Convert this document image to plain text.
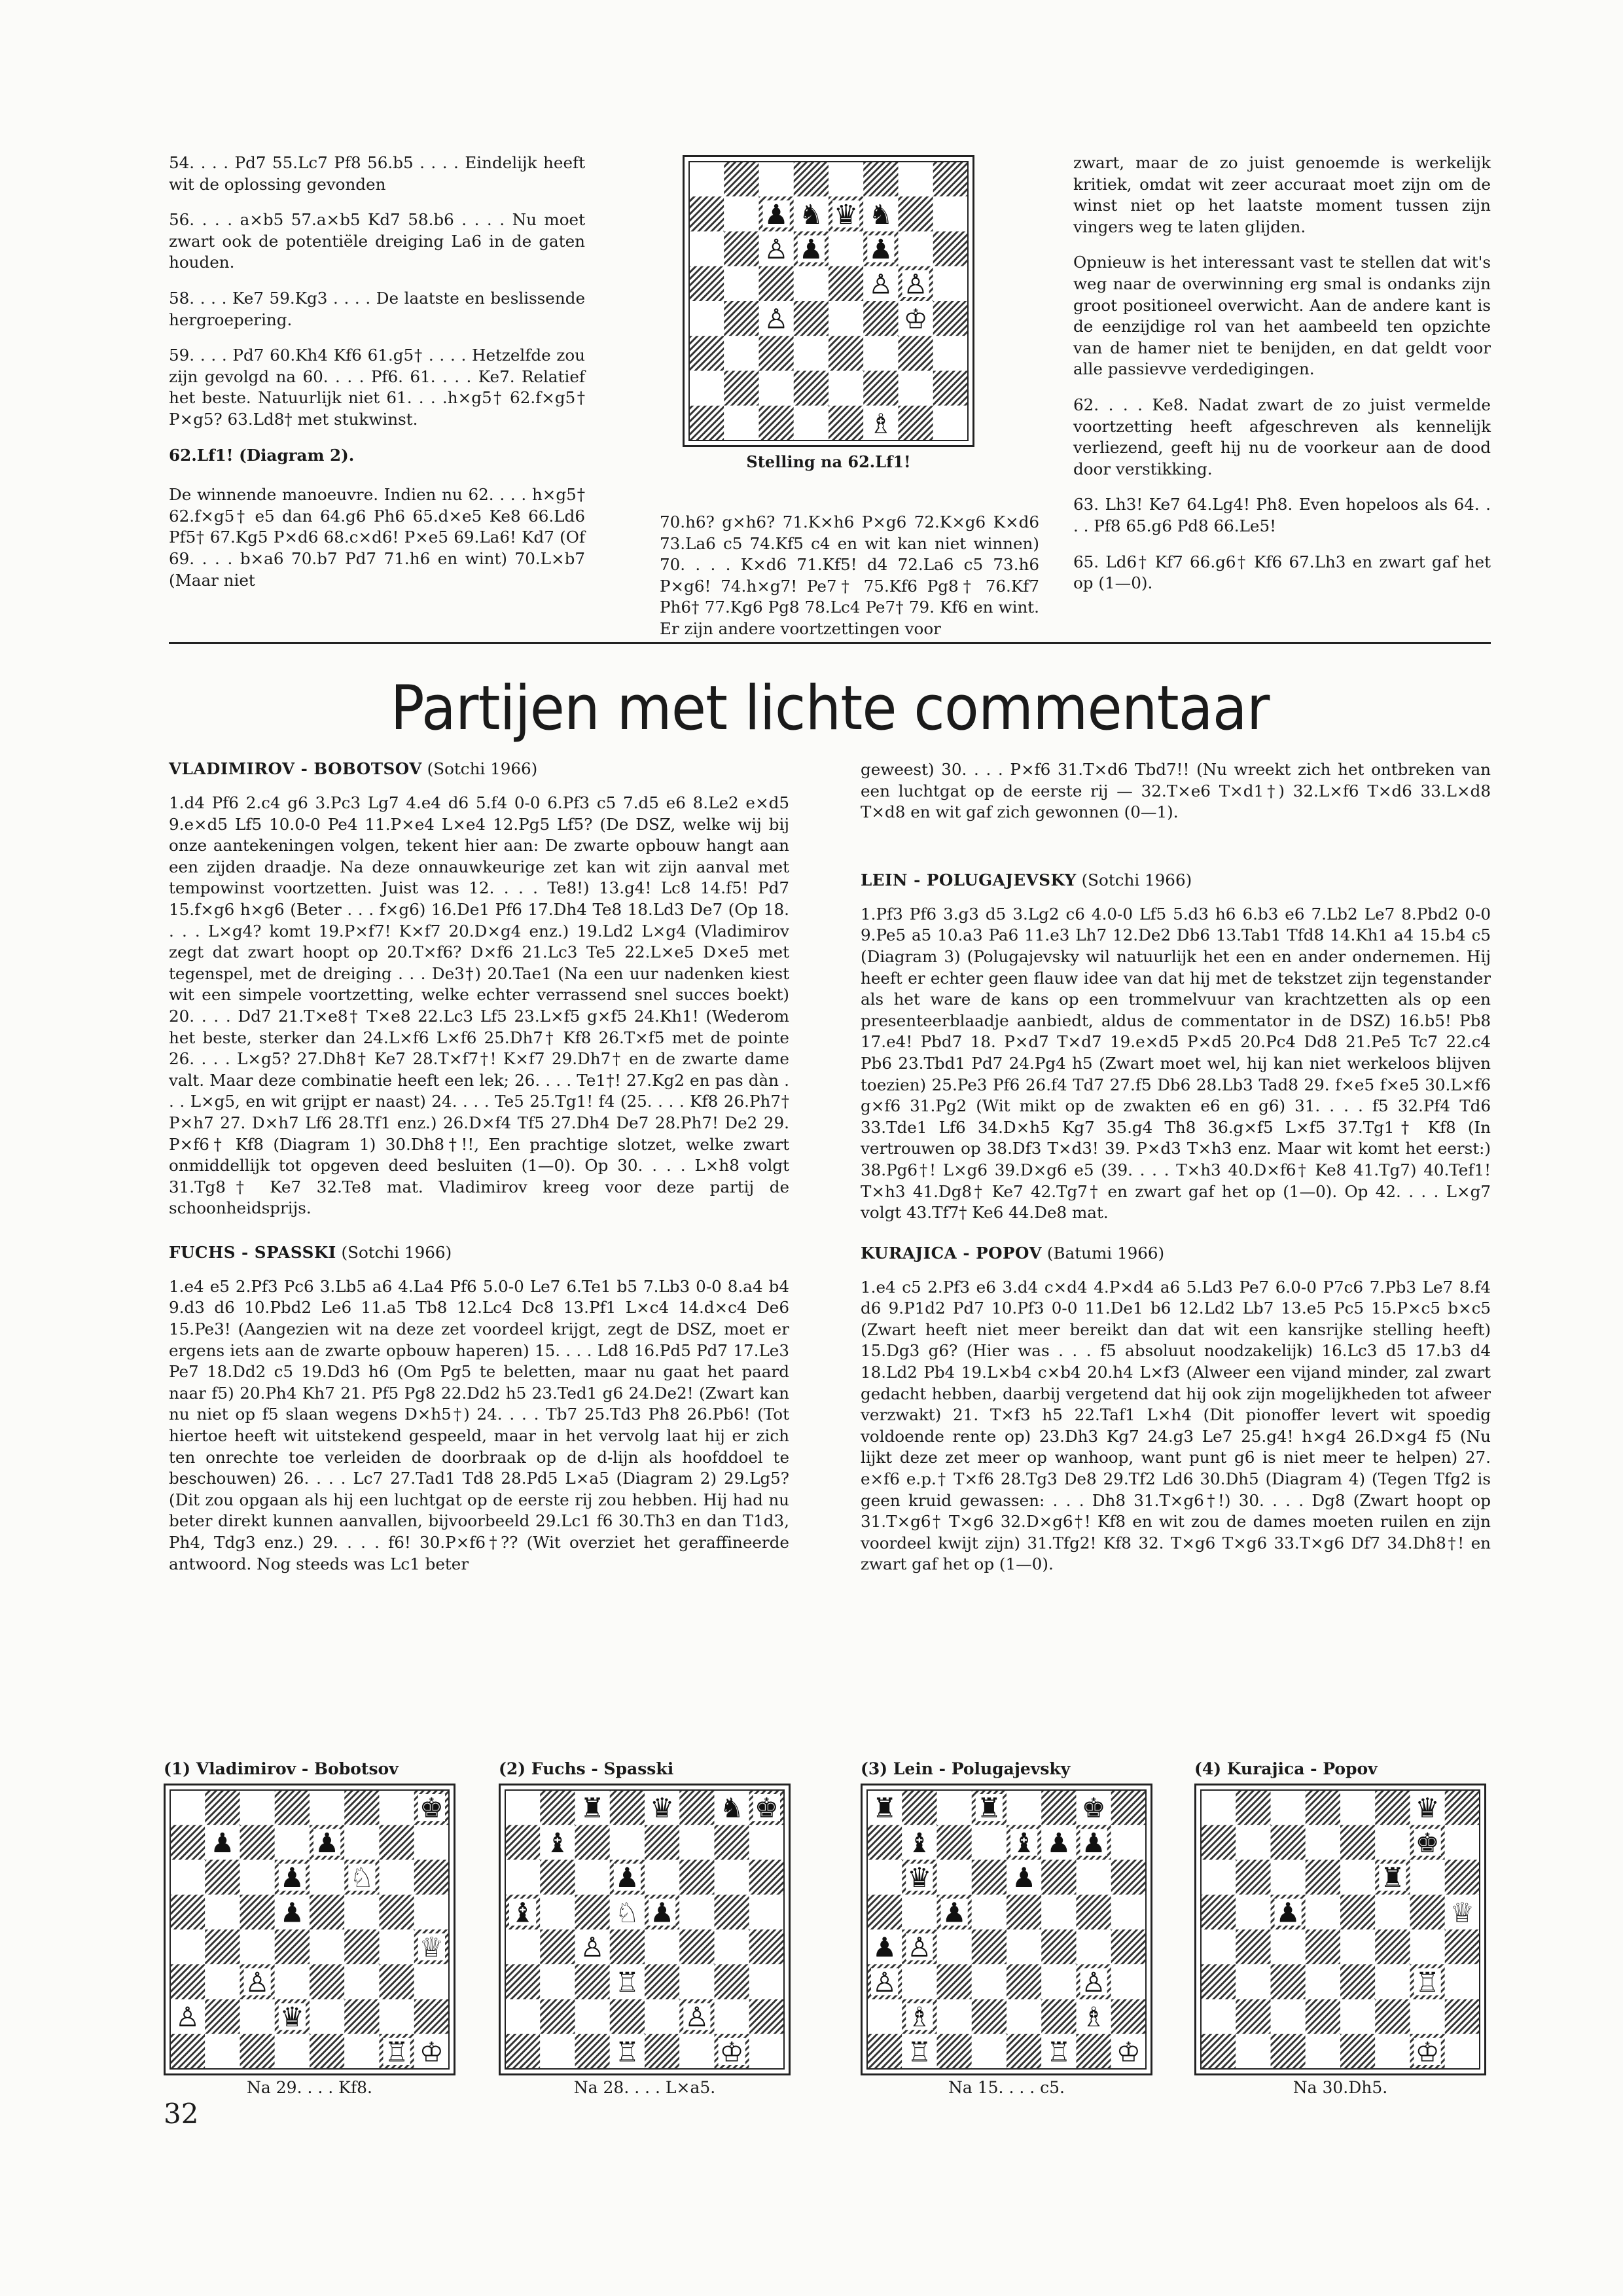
54. . . . Pd7 55.Lc7 Pf8 56.b5 . . . . Eindelijk heeft wit de oplossing gevonden

56. . . . a×b5 57.a×b5 Kd7 58.b6 . . . . Nu moet zwart ook de potentiële dreiging La6 in de gaten houden.

58. . . . Ke7 59.Kg3 . . . . De laatste en beslissende hergroepering.

59. . . . Pd7 60.Kh4 Kf6 61.g5† . . . . Hetzelfde zou zijn gevolgd na 60. . . . Pf6. 61. . . . Ke7. Relatief het beste. Natuurlijk niet 61. . . .h×g5† 62.f×g5† P×g5? 63.Ld8† met stukwinst.

62.Lf1! (Diagram 2).

De winnende manoeuvre. Indien nu 62. . . . h×g5† 62.f×g5† e5 dan 64.g6 Ph6 65.d×e5 Ke8 66.Ld6 Pf5† 67.Kg5 P×d6 68.c×d6! P×e5 69.La6! Kd7 (Of 69. . . . b×a6 70.b7 Pd7 71.h6 en wint) 70.L×b7 (Maar niet

♟ ♞ ♛ ♞
♙ ♟ ♟
♙ ♙
♙	♔
♗
Stelling na 62.Lf1!

70.h6? g×h6? 71.K×h6 P×g6 72.K×g6 K×d6 73.La6 c5 74.Kf5 c4 en wit kan niet winnen) 70. . . . K×d6 71.Kf5! d4 72.La6 c5 73.h6 P×g6! 74.h×g7! Pe7† 75.Kf6 Pg8† 76.Kf7 Ph6† 77.Kg6 Pg8 78.Lc4 Pe7† 79. Kf6 en wint. Er zijn andere voortzettingen voor

zwart, maar de zo juist genoemde is werkelijk kritiek, omdat wit zeer accuraat moet zijn om de winst niet op het laatste moment tussen zijn vingers weg te laten glijden.

Opnieuw is het interessant vast te stellen dat wit's weg naar de overwinning erg smal is ondanks zijn groot positioneel overwicht. Aan de andere kant is de eenzijdige rol van het aambeeld ten opzichte van de hamer niet te benijden, en dat geldt voor alle passievve verdedigingen.

62. . . . Ke8. Nadat zwart de zo juist vermelde voortzetting heeft afgeschreven als kennelijk verliezend, geeft hij nu de voorkeur aan de dood door verstikking.

63. Lh3! Ke7 64.Lg4! Ph8. Even hopeloos als 64. . . . Pf8 65.g6 Pd8 66.Le5!

65. Ld6† Kf7 66.g6† Kf6 67.Lh3 en zwart gaf het op (1—0).

Partijen met lichte commentaar
VLADIMIROV - BOBOTSOV (Sotchi 1966)

1.d4 Pf6 2.c4 g6 3.Pc3 Lg7 4.e4 d6 5.f4 0-0 6.Pf3 c5 7.d5 e6 8.Le2 e×d5 9.e×d5 Lf5 10.0-0 Pe4 11.P×e4 L×e4 12.Pg5 Lf5? (De DSZ, welke wij bij onze aantekeningen volgen, tekent hier aan: De zwarte opbouw hangt aan een zijden draadje. Na deze onnauwkeurige zet kan wit zijn aanval met tempowinst voortzetten. Juist was 12. . . . Te8!) 13.g4! Lc8 14.f5! Pd7 15.f×g6 h×g6 (Beter . . . f×g6) 16.De1 Pf6 17.Dh4 Te8 18.Ld3 De7 (Op 18. . . . L×g4? komt 19.P×f7! K×f7 20.D×g4 enz.) 19.Ld2 L×g4 (Vladimirov zegt dat zwart hoopt op 20.T×f6? D×f6 21.Lc3 Te5 22.L×e5 D×e5 met tegenspel, met de dreiging . . . De3†) 20.Tae1 (Na een uur nadenken kiest wit een simpele voortzetting, welke echter verrassend snel succes boekt) 20. . . . Dd7 21.T×e8† T×e8 22.Lc3 Lf5 23.L×f5 g×f5 24.Kh1! (Wederom het beste, sterker dan 24.L×f6 L×f6 25.Dh7† Kf8 26.T×f5 met de pointe 26. . . . L×g5? 27.Dh8† Ke7 28.T×f7†! K×f7 29.Dh7† en de zwarte dame valt. Maar deze combinatie heeft een lek; 26. . . . Te1†! 27.Kg2 en pas dàn . . . L×g5, en wit grijpt er naast) 24. . . . Te5 25.Tg1! f4 (25. . . . Kf8 26.Ph7† P×h7 27. D×h7 Lf6 28.Tf1 enz.) 26.D×f4 Tf5 27.Dh4 De7 28.Ph7! De2 29. P×f6† Kf8 (Diagram 1) 30.Dh8†!!, Een prachtige slotzet, welke zwart onmiddellijk tot opgeven deed besluiten (1—0). Op 30. . . . L×h8 volgt 31.Tg8† Ke7 32.Te8 mat. Vladimirov kreeg voor deze partij de schoonheidsprijs.

FUCHS - SPASSKI (Sotchi 1966)

1.e4 e5 2.Pf3 Pc6 3.Lb5 a6 4.La4 Pf6 5.0-0 Le7 6.Te1 b5 7.Lb3 0-0 8.a4 b4 9.d3 d6 10.Pbd2 Le6 11.a5 Tb8 12.Lc4 Dc8 13.Pf1 L×c4 14.d×c4 De6 15.Pe3! (Aangezien wit na deze zet voordeel krijgt, zegt de DSZ, moet er ergens iets aan de zwarte opbouw haperen) 15. . . . Ld8 16.Pd5 Pd7 17.Le3 Pe7 18.Dd2 c5 19.Dd3 h6 (Om Pg5 te beletten, maar nu gaat het paard naar f5) 20.Ph4 Kh7 21. Pf5 Pg8 22.Dd2 h5 23.Ted1 g6 24.De2! (Zwart kan nu niet op f5 slaan wegens D×h5†) 24. . . . Tb7 25.Td3 Ph8 26.Pb6! (Tot hiertoe heeft wit uitstekend gespeeld, maar in het vervolg laat hij er zich ten onrechte toe verleiden de doorbraak op de d-lijn als hoofddoel te beschouwen) 26. . . . Lc7 27.Tad1 Td8 28.Pd5 L×a5 (Diagram 2) 29.Lg5? (Dit zou opgaan als hij een luchtgat op de eerste rij zou hebben. Hij had nu beter direkt kunnen aanvallen, bijvoorbeeld 29.Lc1 f6 30.Th3 en dan T1d3, Ph4, Tdg3 enz.) 29. . . . f6! 30.P×f6†?? (Wit overziet het geraffineerde antwoord. Nog steeds was Lc1 beter

geweest) 30. . . . P×f6 31.T×d6 Tbd7!! (Nu wreekt zich het ontbreken van een luchtgat op de eerste rij — 32.T×e6 T×d1†) 32.L×f6 T×d6 33.L×d8 T×d8 en wit gaf zich gewonnen (0—1).

LEIN - POLUGAJEVSKY (Sotchi 1966)

1.Pf3 Pf6 3.g3 d5 3.Lg2 c6 4.0-0 Lf5 5.d3 h6 6.b3 e6 7.Lb2 Le7 8.Pbd2 0-0 9.Pe5 a5 10.a3 Pa6 11.e3 Lh7 12.De2 Db6 13.Tab1 Tfd8 14.Kh1 a4 15.b4 c5 (Diagram 3) (Polugajevsky wil natuurlijk het een en ander ondernemen. Hij heeft er echter geen flauw idee van dat hij met de tekstzet zijn tegenstander als het ware de kans op een trommelvuur van krachtzetten als op een presenteerblaadje aanbiedt, aldus de commentator in de DSZ) 16.b5! Pb8 17.e4! Pbd7 18. P×d7 T×d7 19.e×d5 P×d5 20.Pc4 Dd8 21.Pe5 Tc7 22.c4 Pb6 23.Tbd1 Pd7 24.Pg4 h5 (Zwart moet wel, hij kan niet werkeloos blijven toezien) 25.Pe3 Pf6 26.f4 Td7 27.f5 Db6 28.Lb3 Tad8 29. f×e5 f×e5 30.L×f6 g×f6 31.Pg2 (Wit mikt op de zwakten e6 en g6) 31. . . . f5 32.Pf4 Td6 33.Tde1 Lf6 34.D×h5 Kg7 35.g4 Th8 36.g×f5 L×f5 37.Tg1† Kf8 (In vertrouwen op 38.Df3 T×d3! 39. P×d3 T×h3 enz. Maar wit komt het eerst:) 38.Pg6†! L×g6 39.D×g6 e5 (39. . . . T×h3 40.D×f6† Ke8 41.Tg7) 40.Tef1! T×h3 41.Dg8† Ke7 42.Tg7† en zwart gaf het op (1—0). Op 42. . . . L×g7 volgt 43.Tf7† Ke6 44.De8 mat.

KURAJICA - POPOV (Batumi 1966)

1.e4 c5 2.Pf3 e6 3.d4 c×d4 4.P×d4 a6 5.Ld3 Pe7 6.0-0 P7c6 7.Pb3 Le7 8.f4 d6 9.P1d2 Pd7 10.Pf3 0-0 11.De1 b6 12.Ld2 Lb7 13.e5 Pc5 15.P×c5 b×c5 (Zwart heeft niet meer bereikt dan dat wit een kansrijke stelling heeft) 15.Dg3 g6? (Hier was . . . f5 absoluut noodzakelijk) 16.Lc3 d5 17.b3 d4 18.Ld2 Pb4 19.L×b4 c×b4 20.h4 L×f3 (Alweer een vijand minder, zal zwart gedacht hebben, daarbij vergetend dat hij ook zijn mogelijkheden tot afweer verzwakt) 21. T×f3 h5 22.Taf1 L×h4 (Dit pionoffer levert wit spoedig voldoende rente op) 23.Dh3 Kg7 24.g3 Le7 25.g4! h×g4 26.D×g4 f5 (Nu lijkt deze zet meer op wanhoop, want punt g6 is niet meer te helpen) 27. e×f6 e.p.† T×f6 28.Tg3 De8 29.Tf2 Ld6 30.Dh5 (Diagram 4) (Tegen Tfg2 is geen kruid gewassen: . . . Dh8 31.T×g6†!) 30. . . . Dg8 (Zwart hoopt op 31.T×g6† T×g6 32.D×g6†! Kf8 en wit zou de dames moeten ruilen en zijn voordeel kwijt zijn) 31.Tfg2! Kf8 32. T×g6 T×g6 33.T×g6 Df7 34.Dh8†! en zwart gaf het op (1—0).

(1) Vladimirov - Bobotsov
♚
♟	♟
♟ ♘
♟
♕
♙
♙	♛
♖ ♔
Na 29. . . . Kf8.
(2) Fuchs - Spasski
♜ ♛ ♞ ♚
♝
♟
♝	♘ ♟
♙
♖
♙
♖	♔
Na 28. . . . L×a5.
(3) Lein - Polugajevsky
♜	♜	♚
♝	♝ ♟ ♟
♛	♟
♟
♟ ♙
♙	♙
♗	♗
♖	♖ ♔
Na 15. . . . c5.
(4) Kurajica - Popov
♛
♚
♜
♟	♕
♖
♔
Na 30.Dh5.
32
